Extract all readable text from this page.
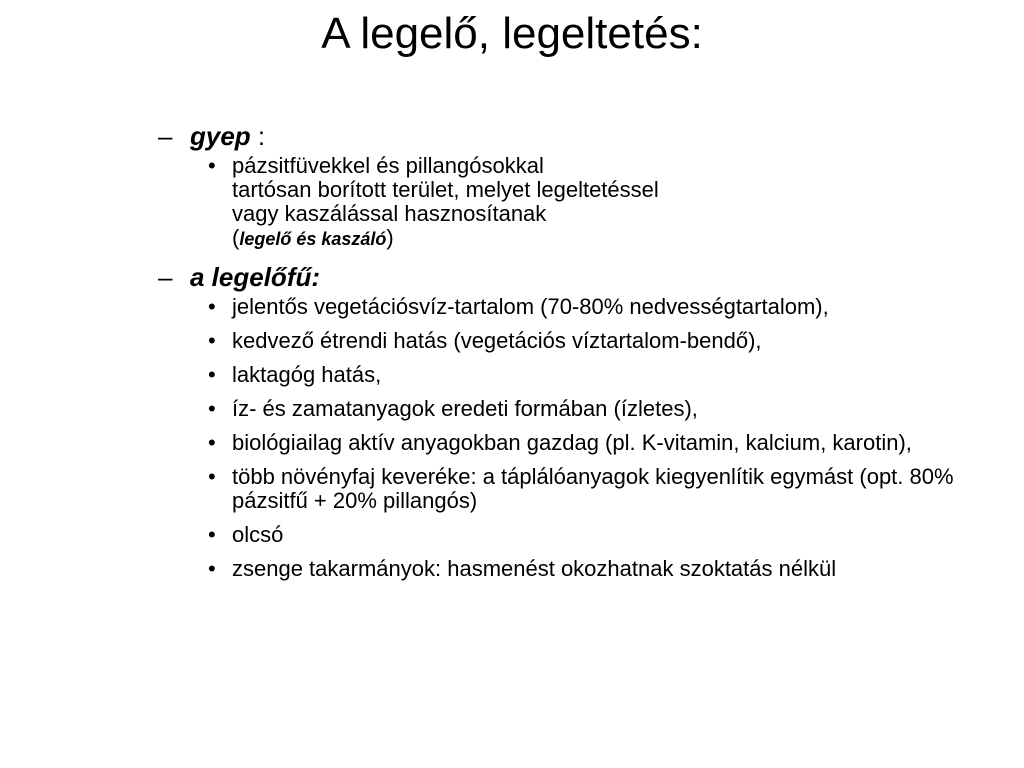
A legelő, legeltetés:
– gyep :
• pázsitfüvekkel és pillangósokkal
tartósan borított terület, melyet legeltetéssel
vagy kaszálással hasznosítanak
(legelő és kaszáló)
– a legelőfű:
• jelentős vegetációsvíz-tartalom (70-80% nedvességtartalom),
• kedvező étrendi hatás (vegetációs víztartalom-bendő),
• laktagóg hatás,
• íz- és zamatanyagok eredeti formában (ízletes),
• biológiailag aktív anyagokban gazdag (pl. K-vitamin, kalcium, karotin),
• több növényfaj keveréke: a táplálóanyagok kiegyenlítik egymást (opt. 80% pázsitfű + 20% pillangós)
• olcsó
• zsenge takarmányok: hasmenést okozhatnak szoktatás nélkül
